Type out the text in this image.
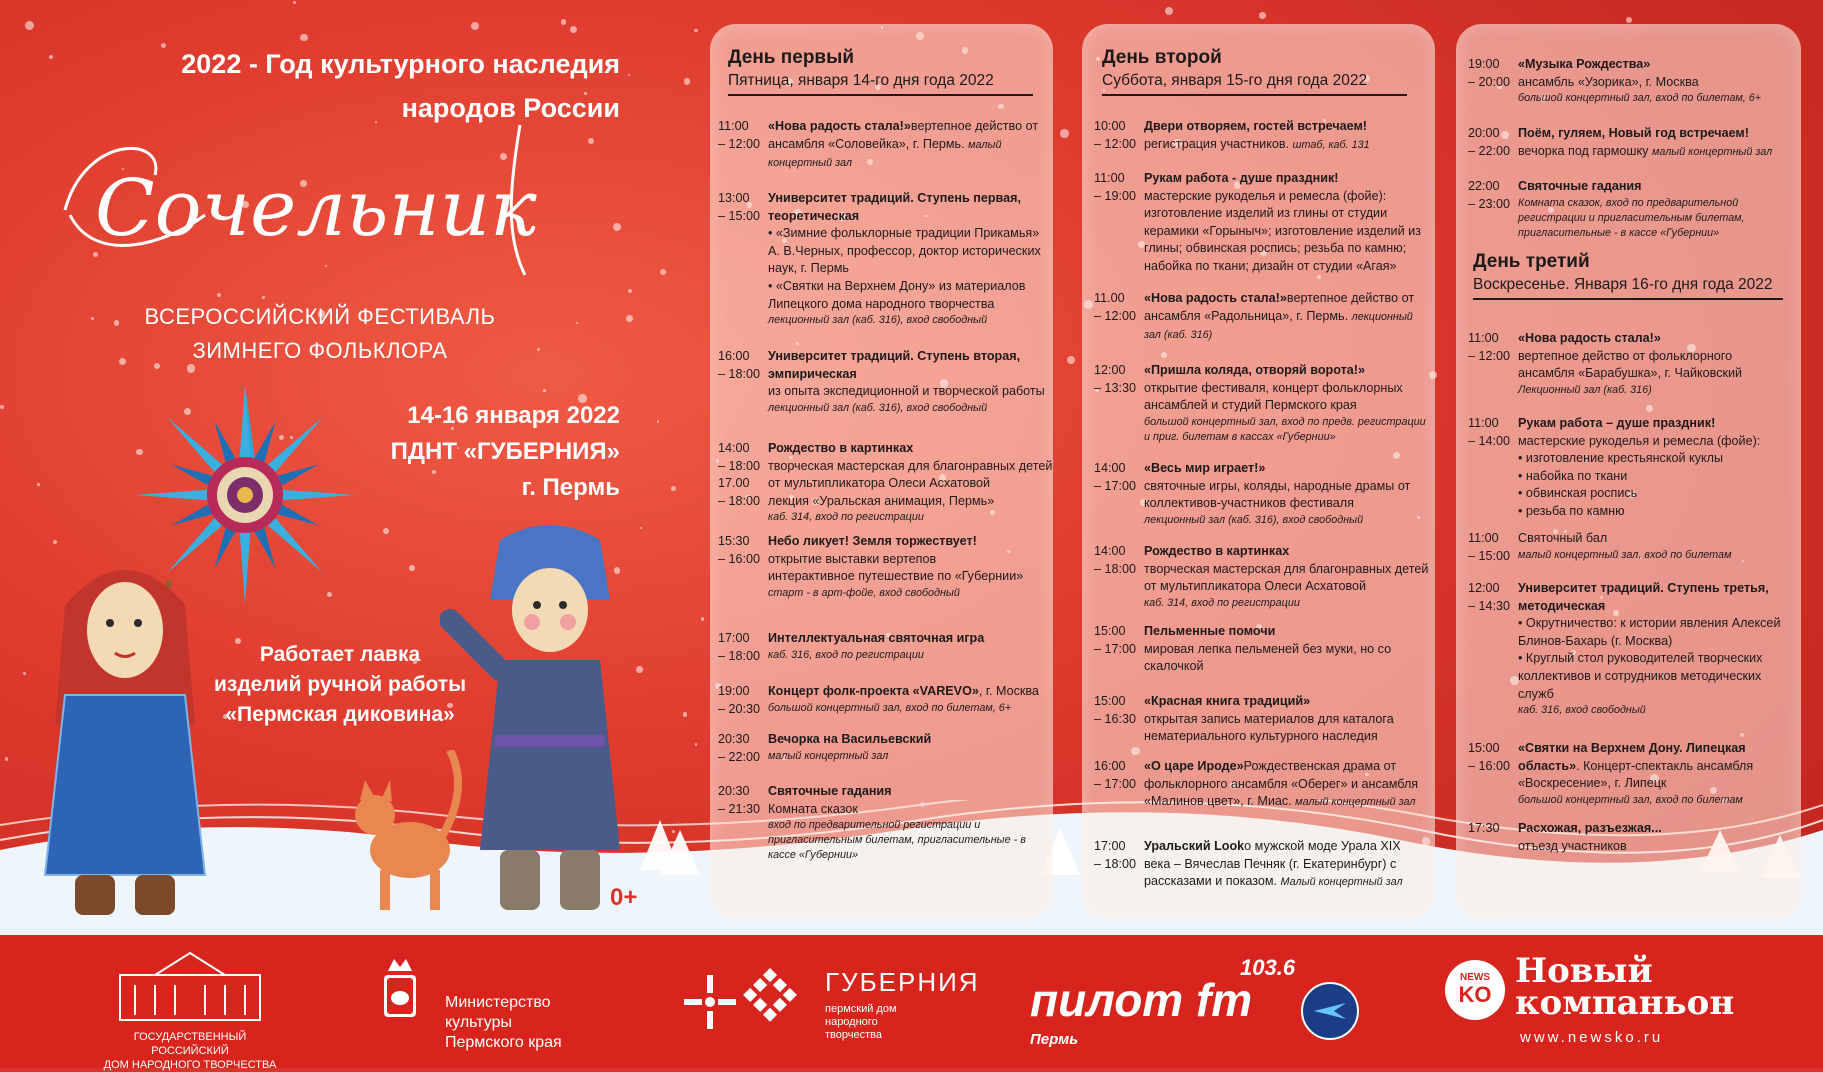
2022 - Год культурного наследия
народов России
Сочельник
ВСЕРОССИЙСКИЙ ФЕСТИВАЛЬ
ЗИМНЕГО ФОЛЬКЛОРА
14-16 января 2022
ПДНТ «ГУБЕРНИЯ»
г. Пермь
Работает лавка
изделий ручной работы
«Пермская диковина»
0+
День первый
Пятница, января 14-го дня года 2022
День второй
Суббота, января 15-го дня года 2022
День третий
Воскресенье. Января 16-го дня года 2022
11:00
– 12:00
«Нова радость стала!»вертепное действо от ансамбля «Соловейка», г. Пермь. малый концертный зал
13:00
– 15:00
Университет традиций. Ступень первая, теоретическая
• «Зимние фольклорные традиции Прикамья» А. В.Черных, профессор, доктор исторических наук, г. Пермь
• «Святки на Верхнем Дону» из материалов Липецкого дома народного творчества
лекционный зал (каб. 316), вход свободный
16:00
– 18:00
Университет традиций. Ступень вторая, эмпирическая
из опыта экспедиционной и творческой работы
лекционный зал (каб. 316), вход свободный
14:00
– 18:00
17.00
– 18:00
Рождество в картинках
творческая мастерская для благонравных детей от мультипликатора Олеси Асхатовой
лекция «Уральская анимация, Пермь»
каб. 314, вход по регистрации
15:30
– 16:00
Небо ликует! Земля торжествует!
открытие выставки вертепов
интерактивное путешествие по «Губернии»
старт - в арт-фойе, вход свободный
17:00
– 18:00
Интеллектуальная святочная игра
каб. 316, вход по регистрации
19:00
– 20:30
Концерт фолк-проекта «VAREVO», г. Москва
большой концертный зал, вход по билетам, 6+
20:30
– 22:00
Вечорка на Васильевский
малый концертный зал
20:30
– 21:30
Святочные гадания
Комната сказок
вход по предварительной регистрации и пригласительным билетам, пригласительные - в кассе «Губернии»
10:00
– 12:00
Двери отворяем, гостей встречаем!регистрация участников. штаб, каб. 131
11:00
– 19:00
Рукам работа - душе праздник!
мастерские рукоделья и ремесла (фойе): изготовление изделий из глины от студии керамики «Горыныч»; изготовление изделий из глины; обвинская роспись; резьба по камню; набойка по ткани; дизайн от студии «Агая»
11.00
– 12:00
«Нова радость стала!»вертепное действо от ансамбля «Радольница», г. Пермь. лекционный зал (каб. 316)
12:00
– 13:30
«Пришла коляда, отворяй ворота!»
открытие фестиваля, концерт фольклорных ансамблей и студий Пермского края
большой концертный зал, вход по предв. регистрации и приг. билетам в кассах «Губернии»
14:00
– 17:00
«Весь мир играет!»
святочные игры, коляды, народные драмы от коллективов-участников фестиваля
лекционный зал (каб. 316), вход свободный
14:00
– 18:00
Рождество в картинках
творческая мастерская для благонравных детей от мультипликатора Олеси Асхатовой
каб. 314, вход по регистрации
15:00
– 17:00
Пельменные помочи
мировая лепка пельменей без муки, но со скалочкой
15:00
– 16:30
«Красная книга традиций»
открытая запись материалов для каталога нематериального культурного наследия
16:00
– 17:00
«О царе Ироде»Рождественская драма от фольклорного ансамбля «Оберег» и ансамбля «Малинов цвет», г. Миас. малый концертный зал
17:00
– 18:00
Уральский Lookо мужской моде Урала XIX века – Вячеслав Печняк (г. Екатеринбург) с рассказами и показом. Малый концертный зал
11:00
– 12:00
«Нова радость стала!»
вертепное действо от фольклорного ансамбля «Барабушка», г. Чайковский
Лекционный зал (каб. 316)
11:00
– 14:00
Рукам работа – душе праздник!
мастерские рукоделья и ремесла (фойе):
• изготовление крестьянской куклы
• набойка по ткани
• обвинская роспись
• резьба по камню
11:00
– 15:00
Святочный бал
малый концертный зал, вход по билетам
12:00
– 14:30
Университет традиций. Ступень третья, методическая
• Окрутничество: к истории явления Алексей Блинов-Бахарь (г. Москва)
• Круглый стол руководителей творческих коллективов и сотрудников методических служб
каб. 316, вход свободный
15:00
– 16:00
«Святки на Верхнем Дону. Липецкая область». Концерт-спектакль ансамбля «Воскресение», г. Липецк
большой концертный зал, вход по билетам
17:30	Расхожая, разъезжая...
отъезд участников
19:00
– 20:00
«Музыка Рождества»
ансамбль «Узорика», г. Москва
большой концертный зал, вход по билетам, 6+
20:00
– 22:00
Поём, гуляем, Новый год встречаем!вечорка под гармошку малый концертный зал
22:00
– 23:00
Святочные гадания
Комната сказок, вход по предварительной регистрации и пригласительным билетам, пригласительные - в кассе «Губернии»
ГОСУДАРСТВЕННЫЙ РОССИЙСКИЙ
ДОМ НАРОДНОГО ТВОРЧЕСТВА
Министерство
культуры
Пермского края
ГУБЕРНИЯ
пермский дом
народного
творчества
103.6
пилот fm
Пермь
NEWS
KO
Новый
компаньон
www.newsko.ru
